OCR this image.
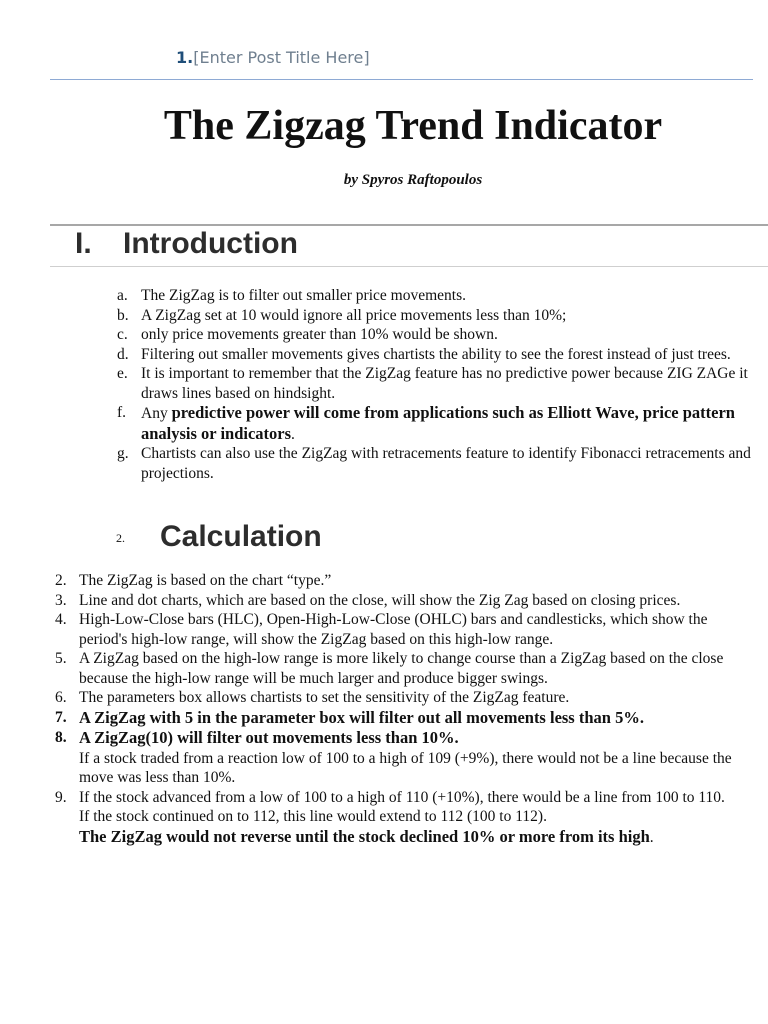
1.[Enter Post Title Here]
The Zigzag Trend Indicator
by Spyros Raftopoulos
I. Introduction
a. The ZigZag is to filter out smaller price movements.
b. A ZigZag set at 10 would ignore all price movements less than 10%;
c. only price movements greater than 10% would be shown.
d. Filtering out smaller movements gives chartists the ability to see the forest instead of just trees.
e. It is important to remember that the ZigZag feature has no predictive power because ZIG ZAGe it draws lines based on hindsight.
f. Any predictive power will come from applications such as Elliott Wave, price pattern analysis or indicators.
g. Chartists can also use the ZigZag with retracements feature to identify Fibonacci retracements and projections.
2. Calculation
2. The ZigZag is based on the chart “type.”
3. Line and dot charts, which are based on the close, will show the Zig Zag based on closing prices.
4. High-Low-Close bars (HLC), Open-High-Low-Close (OHLC) bars and candlesticks, which show the period's high-low range, will show the ZigZag based on this high-low range.
5. A ZigZag based on the high-low range is more likely to change course than a ZigZag based on the close because the high-low range will be much larger and produce bigger swings.
6. The parameters box allows chartists to set the sensitivity of the ZigZag feature.
7. A ZigZag with 5 in the parameter box will filter out all movements less than 5%.
8. A ZigZag(10) will filter out movements less than 10%.
If a stock traded from a reaction low of 100 to a high of 109 (+9%), there would not be a line because the move was less than 10%.
9. If the stock advanced from a low of 100 to a high of 110 (+10%), there would be a line from 100 to 110.
If the stock continued on to 112, this line would extend to 112 (100 to 112).
The ZigZag would not reverse until the stock declined 10% or more from its high.
